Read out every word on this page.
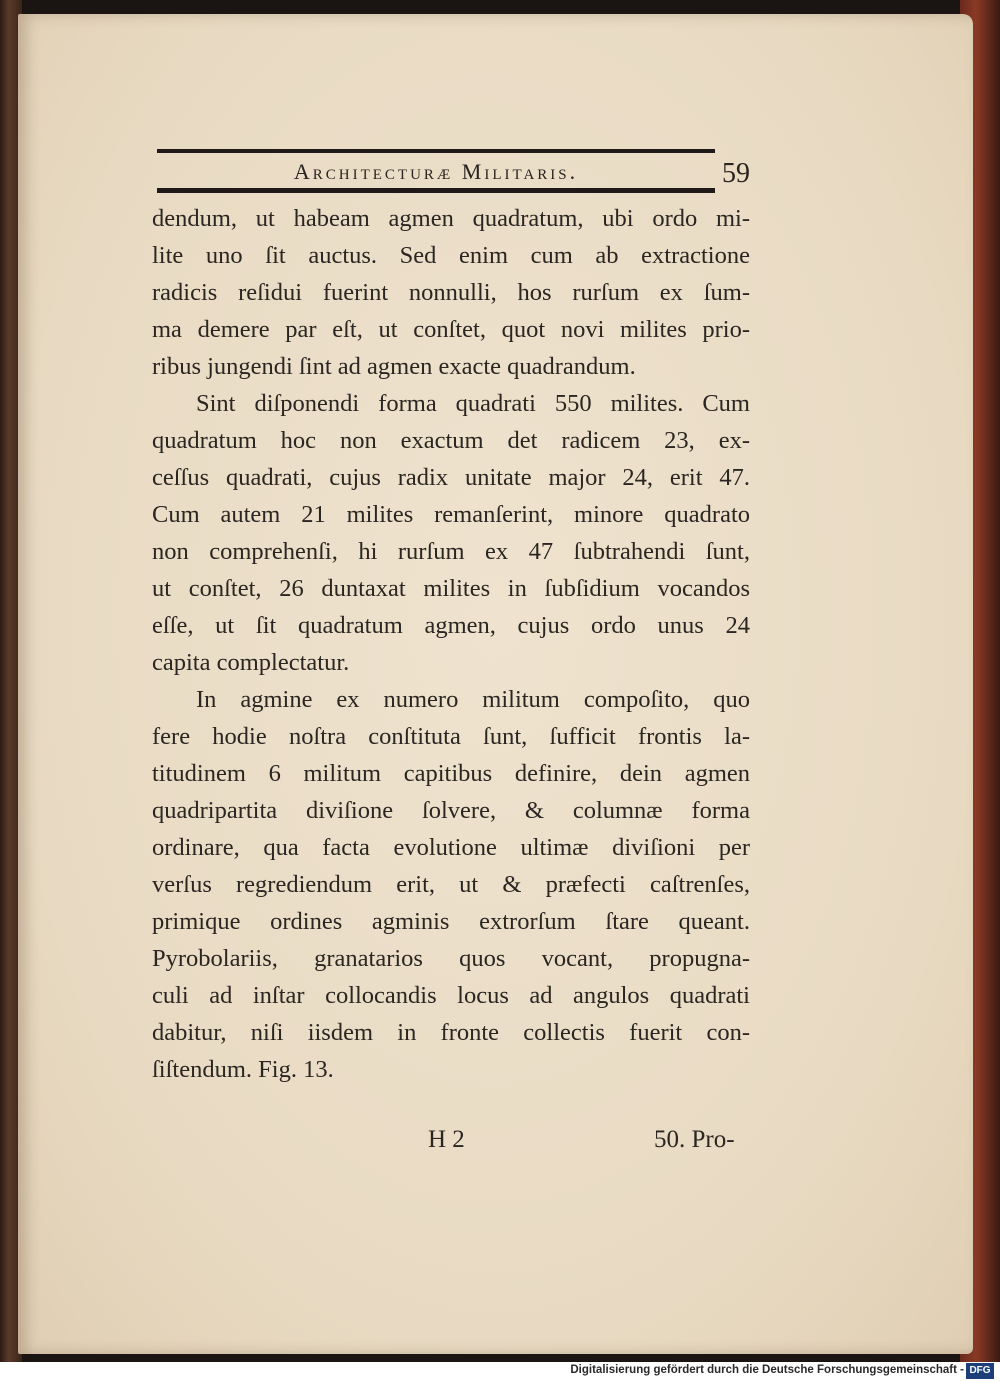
Architecturæ Militaris.	59
dendum, ut habeam agmen quadratum, ubi ordo mi-
lite uno ſit auctus. Sed enim cum ab extractione
radicis reſidui fuerint nonnulli, hos rurſum ex ſum-
ma demere par eſt, ut conſtet, quot novi milites prio-
ribus jungendi ſint ad agmen exacte quadrandum.
Sint diſponendi forma quadrati 550 milites. Cum
quadratum hoc non exactum det radicem 23, ex-
ceſſus quadrati, cujus radix unitate major 24, erit 47.
Cum autem 21 milites remanſerint, minore quadrato
non comprehenſi, hi rurſum ex 47 ſubtrahendi ſunt,
ut conſtet, 26 duntaxat milites in ſubſidium vocandos
eſſe, ut ſit quadratum agmen, cujus ordo unus 24
capita complectatur.
In agmine ex numero militum compoſito, quo
fere hodie noſtra conſtituta ſunt, ſufficit frontis la-
titudinem 6 militum capitibus definire, dein agmen
quadripartita diviſione ſolvere, & columnæ forma
ordinare, qua facta evolutione ultimæ diviſioni per
verſus regrediendum erit, ut & præfecti caſtrenſes,
primique ordines agminis extrorſum ſtare queant.
Pyrobolariis, granatarios quos vocant, propugna-
culi ad inſtar collocandis locus ad angulos quadrati
dabitur, niſi iisdem in fronte collectis fuerit con-
ſiſtendum. Fig. 13.
H 2	50. Pro-
Digitalisierung gefördert durch die Deutsche Forschungsgemeinschaft - DFG
